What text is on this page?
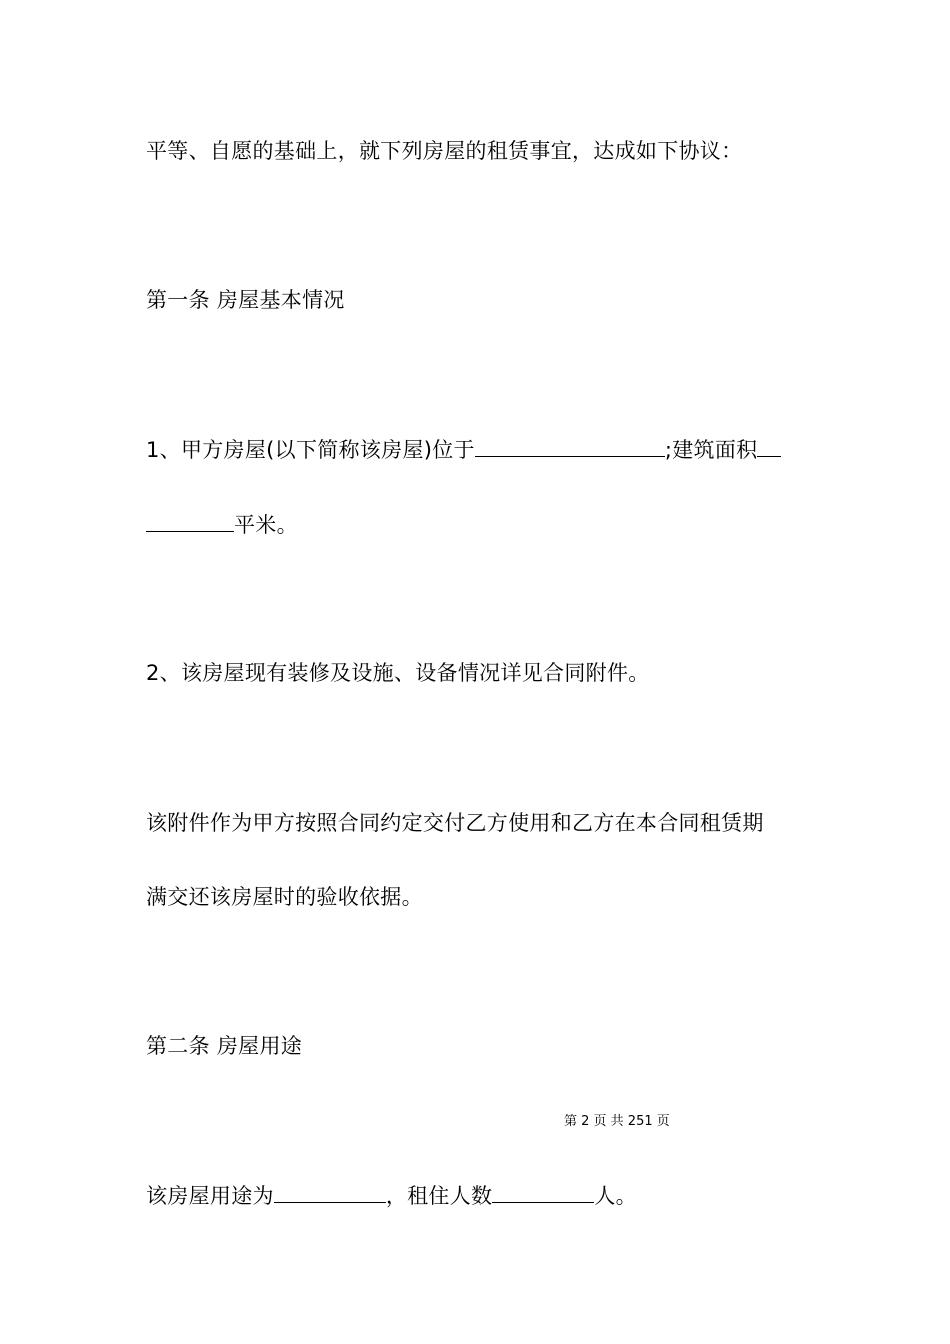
平等、自愿的基础上，就下列房屋的租赁事宜，达成如下协议：
第一条 房屋基本情况
1、甲方房屋(以下简称该房屋)位于	;建筑面积
平米。
2、该房屋现有装修及设施、设备情况详见合同附件。
该附件作为甲方按照合同约定交付乙方使用和乙方在本合同租赁期
满交还该房屋时的验收依据。
第二条 房屋用途
第 2 页 共 251 页
该房屋用途为	，租住人数	人。
